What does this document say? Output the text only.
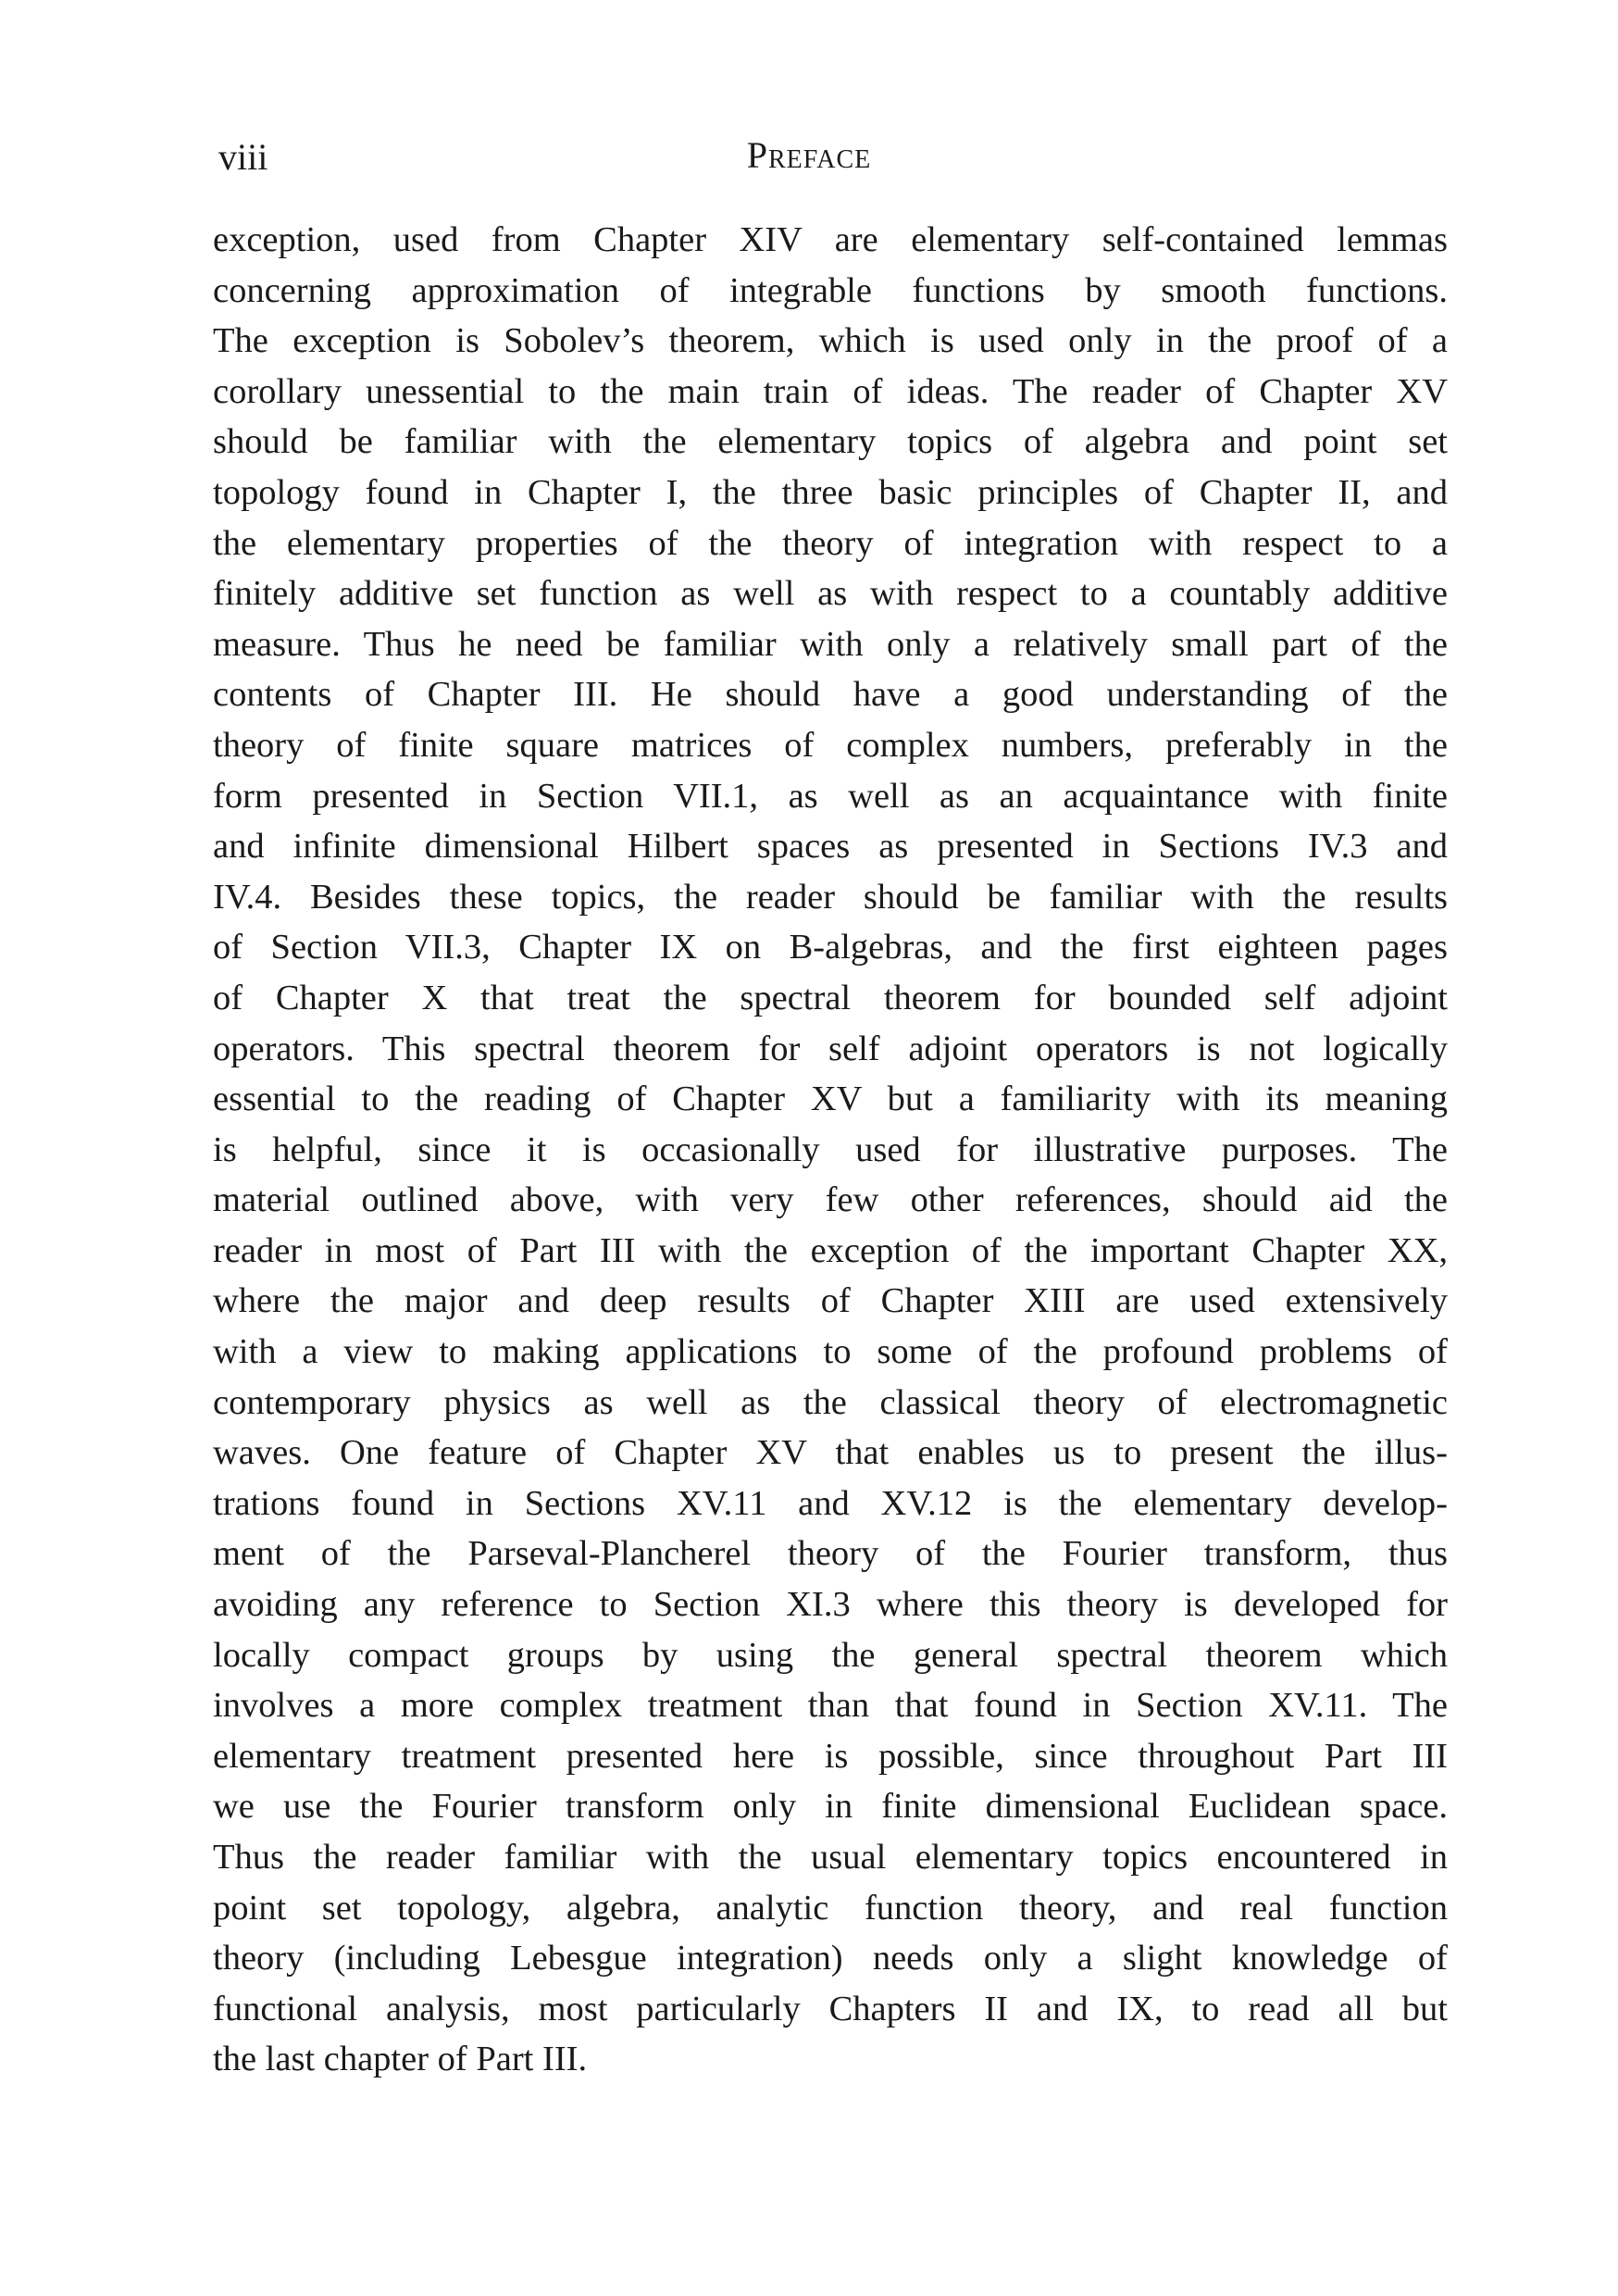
viii	Preface
exception, used from Chapter XIV are elementary self-contained lemmas
concerning approximation of integrable functions by smooth functions.
The exception is Sobolev’s theorem, which is used only in the proof of a
corollary unessential to the main train of ideas. The reader of Chapter XV
should be familiar with the elementary topics of algebra and point set
topology found in Chapter I, the three basic principles of Chapter II, and
the elementary properties of the theory of integration with respect to a
finitely additive set function as well as with respect to a countably additive
measure. Thus he need be familiar with only a relatively small part of the
contents of Chapter III. He should have a good understanding of the
theory of finite square matrices of complex numbers, preferably in the
form presented in Section VII.1, as well as an acquaintance with finite
and infinite dimensional Hilbert spaces as presented in Sections IV.3 and
IV.4. Besides these topics, the reader should be familiar with the results
of Section VII.3, Chapter IX on B-algebras, and the first eighteen pages
of Chapter X that treat the spectral theorem for bounded self adjoint
operators. This spectral theorem for self adjoint operators is not logically
essential to the reading of Chapter XV but a familiarity with its meaning
is helpful, since it is occasionally used for illustrative purposes. The
material outlined above, with very few other references, should aid the
reader in most of Part III with the exception of the important Chapter XX,
where the major and deep results of Chapter XIII are used extensively
with a view to making applications to some of the profound problems of
contemporary physics as well as the classical theory of electromagnetic
waves. One feature of Chapter XV that enables us to present the illus-
trations found in Sections XV.11 and XV.12 is the elementary develop-
ment of the Parseval-Plancherel theory of the Fourier transform, thus
avoiding any reference to Section XI.3 where this theory is developed for
locally compact groups by using the general spectral theorem which
involves a more complex treatment than that found in Section XV.11. The
elementary treatment presented here is possible, since throughout Part III
we use the Fourier transform only in finite dimensional Euclidean space.
Thus the reader familiar with the usual elementary topics encountered in
point set topology, algebra, analytic function theory, and real function
theory (including Lebesgue integration) needs only a slight knowledge of
functional analysis, most particularly Chapters II and IX, to read all but
the last chapter of Part III.
